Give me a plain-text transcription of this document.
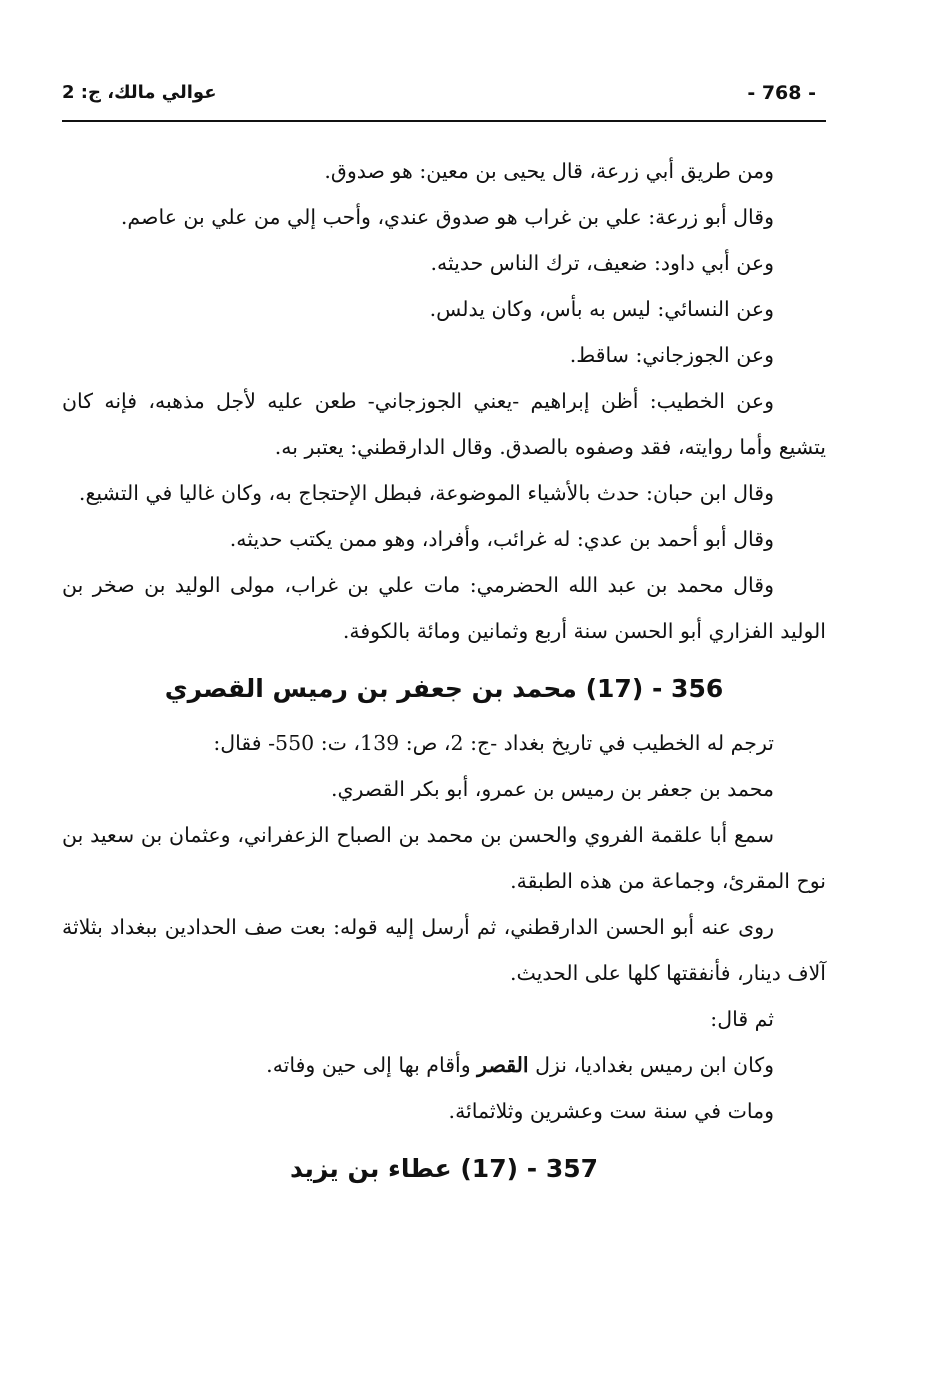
- 768 -
عوالي مالك، ج: 2

ومن طريق أبي زرعة، قال يحيى بن معين: هو صدوق.

وقال أبو زرعة: علي بن غراب هو صدوق عندي، وأحب إلي من علي بن عاصم.

وعن أبي داود: ضعيف، ترك الناس حديثه.

وعن النسائي: ليس به بأس، وكان يدلس.

وعن الجوزجاني: ساقط.

وعن الخطيب: أظن إبراهيم -يعني الجوزجاني- طعن عليه لأجل مذهبه، فإنه كان يتشيع وأما روايته، فقد وصفوه بالصدق. وقال الدارقطني: يعتبر به.

وقال ابن حبان: حدث بالأشياء الموضوعة، فبطل الإحتجاج به، وكان غاليا في التشيع.

وقال أبو أحمد بن عدي: له غرائب، وأفراد، وهو ممن يكتب حديثه.

وقال محمد بن عبد الله الحضرمي: مات علي بن غراب، مولى الوليد بن صخر بن الوليد الفزاري أبو الحسن سنة أربع وثمانين ومائة بالكوفة.

356 - (17) محمد بن جعفر بن رميس القصري

ترجم له الخطيب في تاريخ بغداد -ج: 2، ص: 139، ت: 550- فقال:

محمد بن جعفر بن رميس بن عمرو، أبو بكر القصري.

سمع أبا علقمة الفروي والحسن بن محمد بن الصباح الزعفراني، وعثمان بن سعيد بن نوح المقرئ، وجماعة من هذه الطبقة.

روى عنه أبو الحسن الدارقطني، ثم أرسل إليه قوله: بعت صف الحدادين ببغداد بثلاثة آلاف دينار، فأنفقتها كلها على الحديث.

ثم قال:

وكان ابن رميس بغداديا، نزل القصر وأقام بها إلى حين وفاته.

ومات في سنة ست وعشرين وثلاثمائة.

357 - (17) عطاء بن يزيد
